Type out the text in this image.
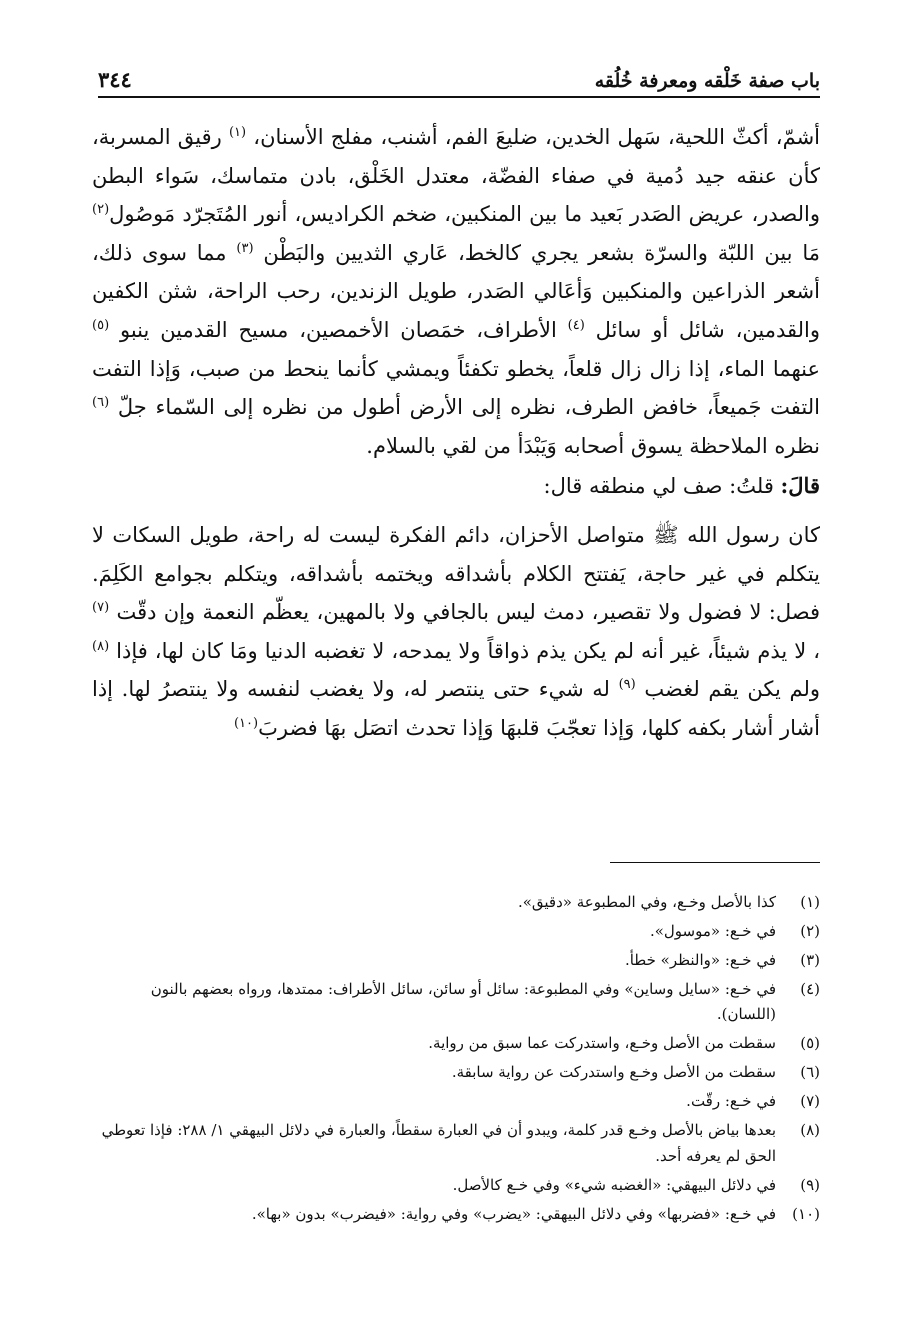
باب صفة خَلْقه ومعرفة خُلُقه
٣٤٤

أشمّ، أكثّ اللحية، سَهل الخدين، ضليعَ الفم، أشنب، مفلج الأسنان، $^{(١)}$ رقيق المسربة، كأن عنقه جيد دُمية في صفاء الفضّة، معتدل الخَلْق، بادن متماسك، سَواء البطن والصدر، عريض الصَدر بَعيد ما بين المنكبين، ضخم الكراديس، أنور المُتَجرّد مَوصُول$^{(٢)}$ مَا بين اللبّة والسرّة بشعر يجري كالخط، عَاري الثديين والبَطْن $^{(٣)}$ مما سوى ذلك، أشعر الذراعين والمنكبين وَأعَالي الصَدر، طويل الزندين، رحب الراحة، شثن الكفين والقدمين، شائل أو سائل $^{(٤)}$ الأطراف، خمَصان الأخمصين، مسيح القدمين ينبو $^{(٥)}$ عنهما الماء، إذا زال زال قلعاً، يخطو تكفئاً ويمشي كأنما ينحط من صبب، وَإذا التفت التفت جَميعاً، خافض الطرف، نظره إلى الأرض أطول من نظره إلى السّماء جلّ $^{(٦)}$ نظره الملاحظة يسوق أصحابه وَيَبْدَأ من لقي بالسلام.

قالَ: قلتُ: صف لي منطقه قال:

كان رسول الله ﷺ متواصل الأحزان، دائم الفكرة ليست له راحة، طويل السكات لا يتكلم في غير حاجة، يَفتتح الكلام بأشداقه ويختمه بأشداقه، ويتكلم بجوامع الكَلِمَ. فصل: لا فضول ولا تقصير، دمث ليس بالجافي ولا بالمهين، يعظّم النعمة وإن دقّت $^{(٧)}$ ، لا يذم شيئاً، غير أنه لم يكن يذم ذواقاً ولا يمدحه، لا تغضبه الدنيا ومَا كان لها، فإذا $^{(٨)}$ ولم يكن يقم لغضب $^{(٩)}$ له شيء حتى ينتصر له، ولا يغضب لنفسه ولا ينتصرُ لها. إذا أشار أشار بكفه كلها، وَإذا تعجّبَ قلبهَا وَإذا تحدث اتصَل بهَا فضربَ$^{(١٠)}$

(١)
كذا بالأصل وخـع، وفي المطبوعة «دقيق».
(٢)
في خـع: «موسول».
(٣)
في خـع: «والنظر» خطأ.
(٤)
في خـع: «سايل وساين» وفي المطبوعة: سائل أو سائن، سائل الأطراف: ممتدها، ورواه بعضهم بالنون (اللسان).
(٥)
سقطت من الأصل وخـع، واستدركت عما سبق من رواية.
(٦)
سقطت من الأصل وخـع واستدركت عن رواية سابقة.
(٧)
في خـع: رقّت.
(٨)
بعدها بياض بالأصل وخـع قدر كلمة، ويبدو أن في العبارة سقطاً، والعبارة في دلائل البيهقي ١/ ٢٨٨: فإذا تعوطي الحق لم يعرفه أحد.
(٩)
في دلائل البيهقي: «الغضبه شيء» وفي خـع كالأصل.
(١٠)
في خـع: «فضربها» وفي دلائل البيهقي: «يضرب» وفي رواية: «فيضرب» بدون «بها».
